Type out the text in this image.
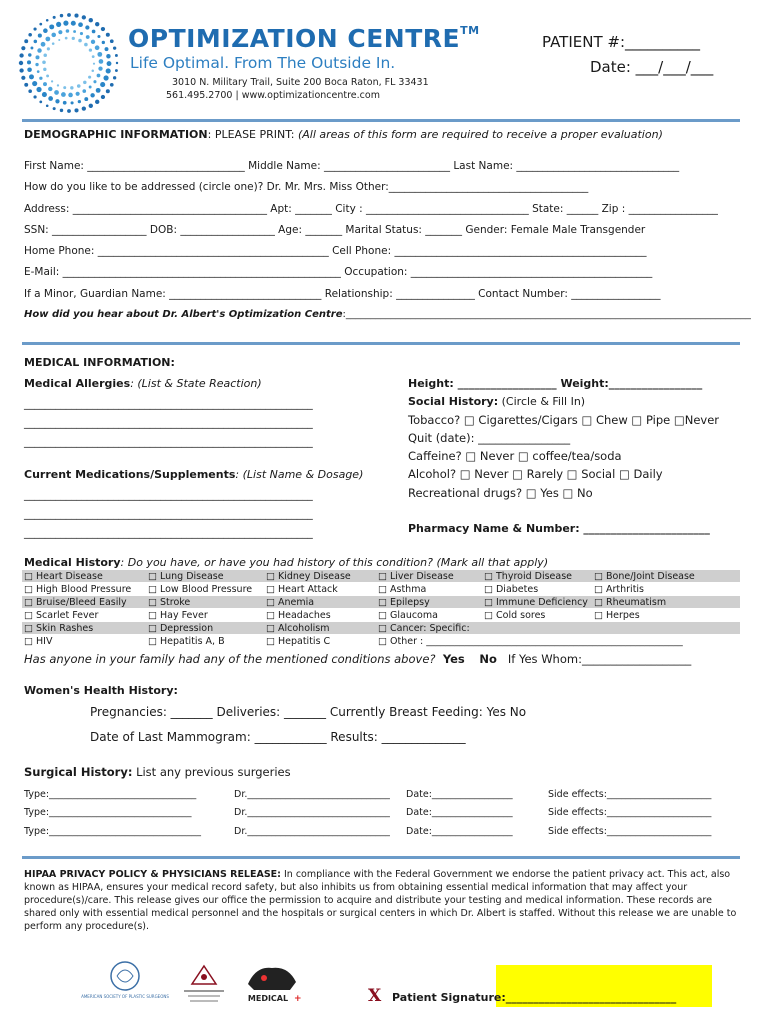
OPTIMIZATION CENTRE™
Life Optimal. From The Outside In.
3010 N. Military Trail, Suite 200 Boca Raton, FL 33431
561.495.2700 | www.optimizationcentre.com
PATIENT #:__________
Date: ___/___/___
DEMOGRAPHIC INFORMATION: PLEASE PRINT: (All areas of this form are required to receive a proper evaluation)
First Name: ______________________________ Middle Name: ________________________ Last Name: _______________________________
How do you like to be addressed (circle one)? Dr. Mr. Mrs. Miss Other:______________________________________
Address: _____________________________________ Apt: _______ City : _______________________________ State: ______ Zip : _________________
SSN: __________________ DOB: __________________ Age: _______ Marital Status: _______ Gender: Female Male Transgender
Home Phone: ____________________________________________ Cell Phone: ________________________________________________
E-Mail: _____________________________________________________ Occupation: ______________________________________________
If a Minor, Guardian Name: _____________________________ Relationship: _______________ Contact Number: _________________
How did you hear about Dr. Albert's Optimization Centre:_________________________________________________________________________________
MEDICAL INFORMATION:
Medical Allergies: (List & State Reaction)
_______________________________________________________
_______________________________________________________
_______________________________________________________
Current Medications/Supplements: (List Name & Dosage)
_______________________________________________________
_______________________________________________________
_______________________________________________________
Height: __________________ Weight:_________________
Social History: (Circle & Fill In)
Tobacco? □ Cigarettes/Cigars □ Chew □ Pipe □Never
Quit (date): ________________
Caffeine? □ Never □ coffee/tea/soda
Alcohol? □ Never □ Rarely □ Social □ Daily
Recreational drugs? □ Yes □ No
Pharmacy Name & Number: _______________________
Medical History: Do you have, or have you had history of this condition? (Mark all that apply)
□ Heart Disease	□ Lung Disease	□ Kidney Disease	□ Liver Disease	□ Thyroid Disease □ Bone/Joint Disease
□ High Blood Pressure □ Low Blood Pressure □ Heart Attack	□ Asthma	□ Diabetes	□ Arthritis
□ Bruise/Bleed Easily □ Stroke	□ Anemia	□ Epilepsy	□ Immune Deficiency □ Rheumatism
□ Scarlet Fever	□ Hay Fever	□ Headaches	□ Glaucoma	□ Cold sores	□ Herpes
□ Skin Rashes	□ Depression	□ Alcoholism	□ Cancer: Specific:
□ HIV	□ Hepatitis A, B	□ Hepatitis C	□ Other : ______________________________________________________
Has anyone in your family had any of the mentioned conditions above? Yes No If Yes Whom:___________________
Women's Health History:
Pregnancies: _______ Deliveries: _______ Currently Breast Feeding: Yes No
Date of Last Mammogram: ____________ Results: ______________
Surgical History: List any previous surgeries
Type:_______________________________	Dr.______________________________ Date:_________________	Side effects:______________________
Type:______________________________	Dr.______________________________ Date:_________________	Side effects:______________________
Type:________________________________	Dr.______________________________ Date:_________________	Side effects:______________________
HIPAA PRIVACY POLICY & PHYSICIANS RELEASE: In compliance with the Federal Government we endorse the patient privacy act. This act, also known as HIPAA, ensures your medical record safety, but also inhibits us from obtaining essential medical information that may affect your procedure(s)/care. This release gives our office the permission to acquire and distribute your testing and medical information. These records are shared only with essential medical personnel and the hospitals or surgical centers in which Dr. Albert is staffed. Without this release we are unable to perform any procedure(s).
AMERICAN SOCIETY OF PLASTIC SURGEONS	MEDICAL +	X Patient Signature:_______________________________
